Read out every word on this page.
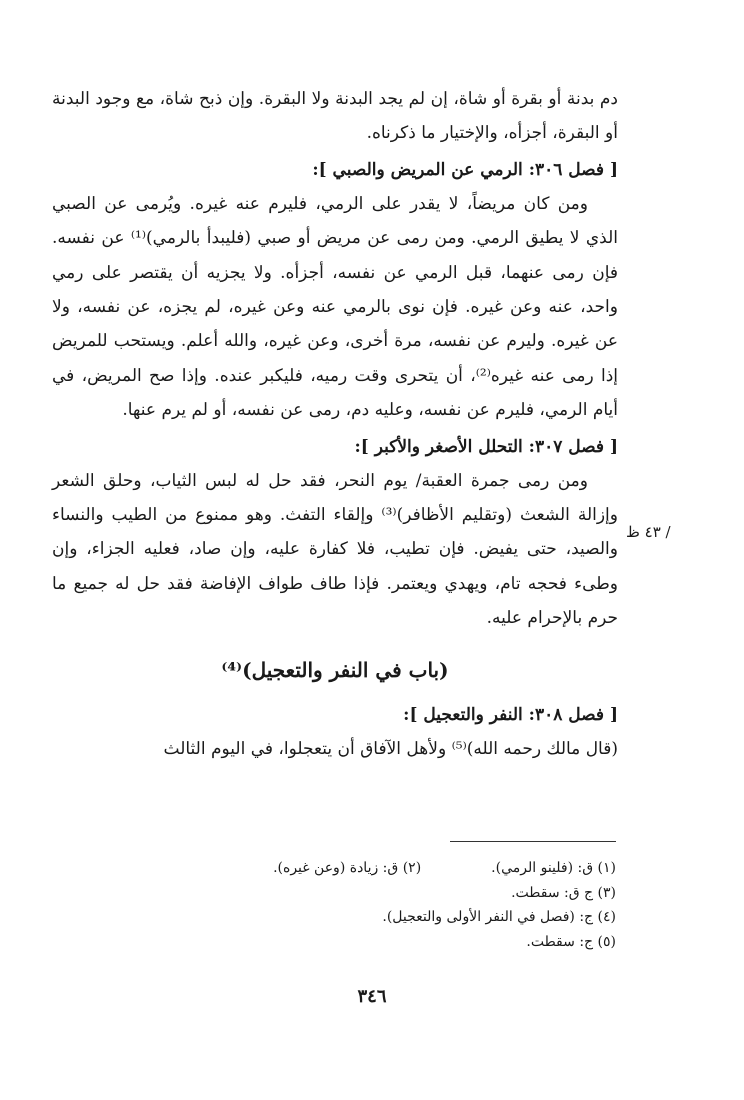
دم بدنة أو بقرة أو شاة، إن لم يجد البدنة ولا البقرة. وإن ذبح شاة، مع وجود البدنة أو البقرة، أجزأه، والإختيار ما ذكرناه.

[ فصل ٣٠٦: الرمي عن المريض والصبي ]:

ومن كان مريضاً، لا يقدر على الرمي، فليرم عنه غيره. ويُرمى عن الصبي الذي لا يطيق الرمي. ومن رمى عن مريض أو صبي (فليبدأ بالرمي)⁽¹⁾ عن نفسه. فإن رمى عنهما، قبل الرمي عن نفسه، أجزأه. ولا يجزيه أن يقتصر على رمي واحد، عنه وعن غيره. فإن نوى بالرمي عنه وعن غيره، لم يجزه، عن نفسه، ولا عن غيره. وليرم عن نفسه، مرة أخرى، وعن غيره، والله أعلم. ويستحب للمريض إذا رمى عنه غيره⁽²⁾، أن يتحرى وقت رميه، فليكبر عنده. وإذا صح المريض، في أيام الرمي، فليرم عن نفسه، وعليه دم، رمى عن نفسه، أو لم يرم عنها.

[ فصل ٣٠٧: التحلل الأصغر والأكبر ]:

ومن رمى جمرة العقبة/ يوم النحر، فقد حل له لبس الثياب، وحلق الشعر وإزالة الشعث (وتقليم الأظافر)⁽³⁾ وإلقاء التفث. وهو ممنوع من الطيب والنساء والصيد، حتى يفيض. فإن تطيب، فلا كفارة عليه، وإن صاد، فعليه الجزاء، وإن وطىء فحجه تام، ويهدي ويعتمر. فإذا طاف طواف الإفاضة فقد حل له جميع ما حرم بالإحرام عليه.

(باب في النفر والتعجيل)⁽⁴⁾
[ فصل ٣٠٨: النفر والتعجيل ]:

(قال مالك رحمه الله)⁽⁵⁾ ولأهل الآفاق أن يتعجلوا، في اليوم الثالث

/ ٤٣ ظ
(١) ق: (فلينو الرمي).
(٢) ق: زيادة (وعن غيره).
(٣) ج ق: سقطت.
(٤) ج: (فصل في النفر الأولى والتعجيل).
(٥) ج: سقطت.
٣٤٦
